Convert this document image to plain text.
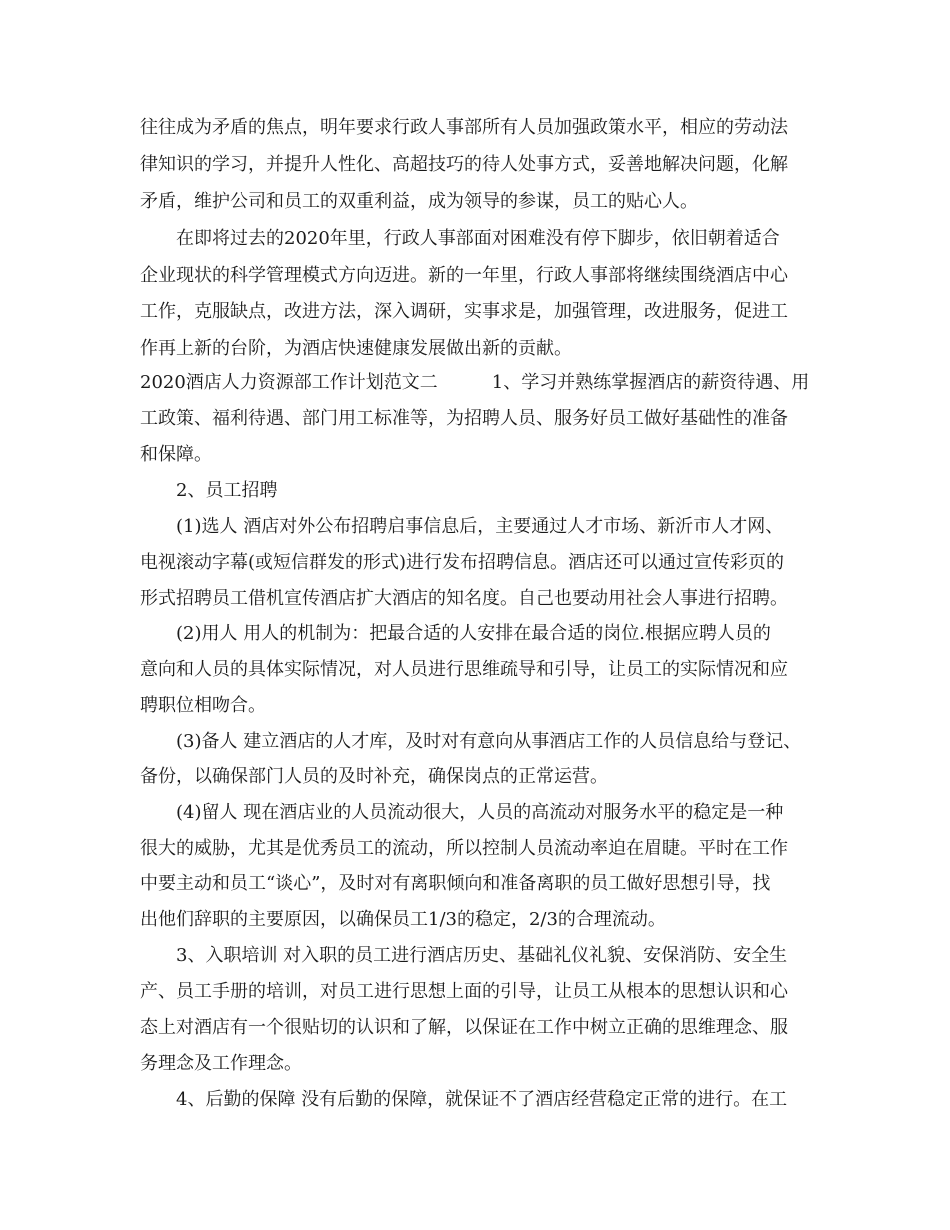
往往成为矛盾的焦点，明年要求行政人事部所有人员加强政策水平，相应的劳动法
律知识的学习，并提升人性化、高超技巧的待人处事方式，妥善地解决问题，化解
矛盾，维护公司和员工的双重利益，成为领导的参谋，员工的贴心人。
　　在即将过去的2020年里，行政人事部面对困难没有停下脚步，依旧朝着适合
企业现状的科学管理模式方向迈进。新的一年里，行政人事部将继续围绕酒店中心
工作，克服缺点，改进方法，深入调研，实事求是，加强管理，改进服务，促进工
作再上新的台阶，为酒店快速健康发展做出新的贡献。
2020酒店人力资源部工作计划范文二　　　1、学习并熟练掌握酒店的薪资待遇、用
工政策、福利待遇、部门用工标准等，为招聘人员、服务好员工做好基础性的准备
和保障。
　　2、员工招聘
　　(1)选人 酒店对外公布招聘启事信息后，主要通过人才市场、新沂市人才网、
电视滚动字幕(或短信群发的形式)进行发布招聘信息。酒店还可以通过宣传彩页的
形式招聘员工借机宣传酒店扩大酒店的知名度。自己也要动用社会人事进行招聘。
　　(2)用人 用人的机制为：把最合适的人安排在最合适的岗位.根据应聘人员的
意向和人员的具体实际情况，对人员进行思维疏导和引导，让员工的实际情况和应
聘职位相吻合。
　　(3)备人 建立酒店的人才库，及时对有意向从事酒店工作的人员信息给与登记、
备份，以确保部门人员的及时补充，确保岗点的正常运营。
　　(4)留人 现在酒店业的人员流动很大，人员的高流动对服务水平的稳定是一种
很大的威胁，尤其是优秀员工的流动，所以控制人员流动率迫在眉睫。平时在工作
中要主动和员工“谈心”，及时对有离职倾向和准备离职的员工做好思想引导，找
出他们辞职的主要原因，以确保员工1/3的稳定，2/3的合理流动。
　　3、入职培训 对入职的员工进行酒店历史、基础礼仪礼貌、安保消防、安全生
产、员工手册的培训，对员工进行思想上面的引导，让员工从根本的思想认识和心
态上对酒店有一个很贴切的认识和了解，以保证在工作中树立正确的思维理念、服
务理念及工作理念。
　　4、后勤的保障 没有后勤的保障，就保证不了酒店经营稳定正常的进行。在工
